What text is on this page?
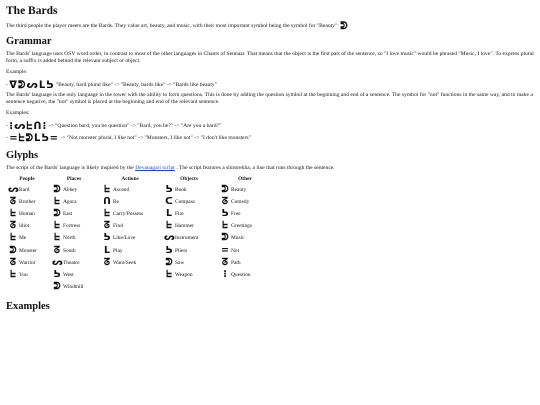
The Bards

The third people the player meets are the Bards. They value art, beauty, and music, with their most important symbol being the symbol for "Beauty": ᕲ

Grammar

The Bards' language uses OSV word order, in contrast to most of the other languages in Chants of Sennaar. That means that the object is the first part of the sentence, so "I love music" would be phrased "Music, I love". To express plural form, a suffix is added behind the relevant subject or object.

Example:

- ᐁᕲᔕᒪᕊ "Beauty, bard plural like" -> "Beauty, bards like" -> "Bards like beauty"

The Bards' language is the only language in the tower with the ability to form questions. This is done by adding the question symbol at the beginning and end of a sentence. The symbol for "not" functions in the same way, and to make a sentence negative, the "not" symbol is placed at the beginning and end of the relevant sentence.

Examples:

- ⁝ᔕᖶᑎ⁝ -> "Question bard, you be question" -> "Bard, you be?" -> "Are you a bard?"
- =ᖶᕲᒪᕊ= -> "Not monster plural, I like not" -> "Monsters, I like not" -> "I don't like monsters"
Glyphs

The script of the Bards' language is likely inspired by the Devanagari script . The script fearures a shirorekha, a line that runs through the sentence.

People	Places	Actions	Objects	Other
ᔕBard	ᕲ Abbey	ᖶ Ascend	ᕊ Book	ᕲ Beauty
ᘔ Brother	ᖶ Agora	ᑎ Be	ᑕ Compass	ᘔ Comedy
ᖶ Human	ᕲ East	ᖶ Carry/Possess	ᒪ Fire	ᕊ Free
ᘔ Idiot	ᖶ Fortress	ᘔ Find	ᖶ Hammer	ᖶ Greetings
ᖶ Me	ᖶ North	ᕊ Like/Love	ᔕInstrument	ᕲ Music
ᕲ Monster	ᘔ South	ᒪ Play	ᕊ Pliers	= Not
ᘔ Warrior	ᔕTheatre	ᘔ Want/Seek	ᕲ Saw	ᘔ Path
ᖶ You	ᕊ West		ᖶ Weapon	⁝ Question
	ᕲ Windmill			
Examples
